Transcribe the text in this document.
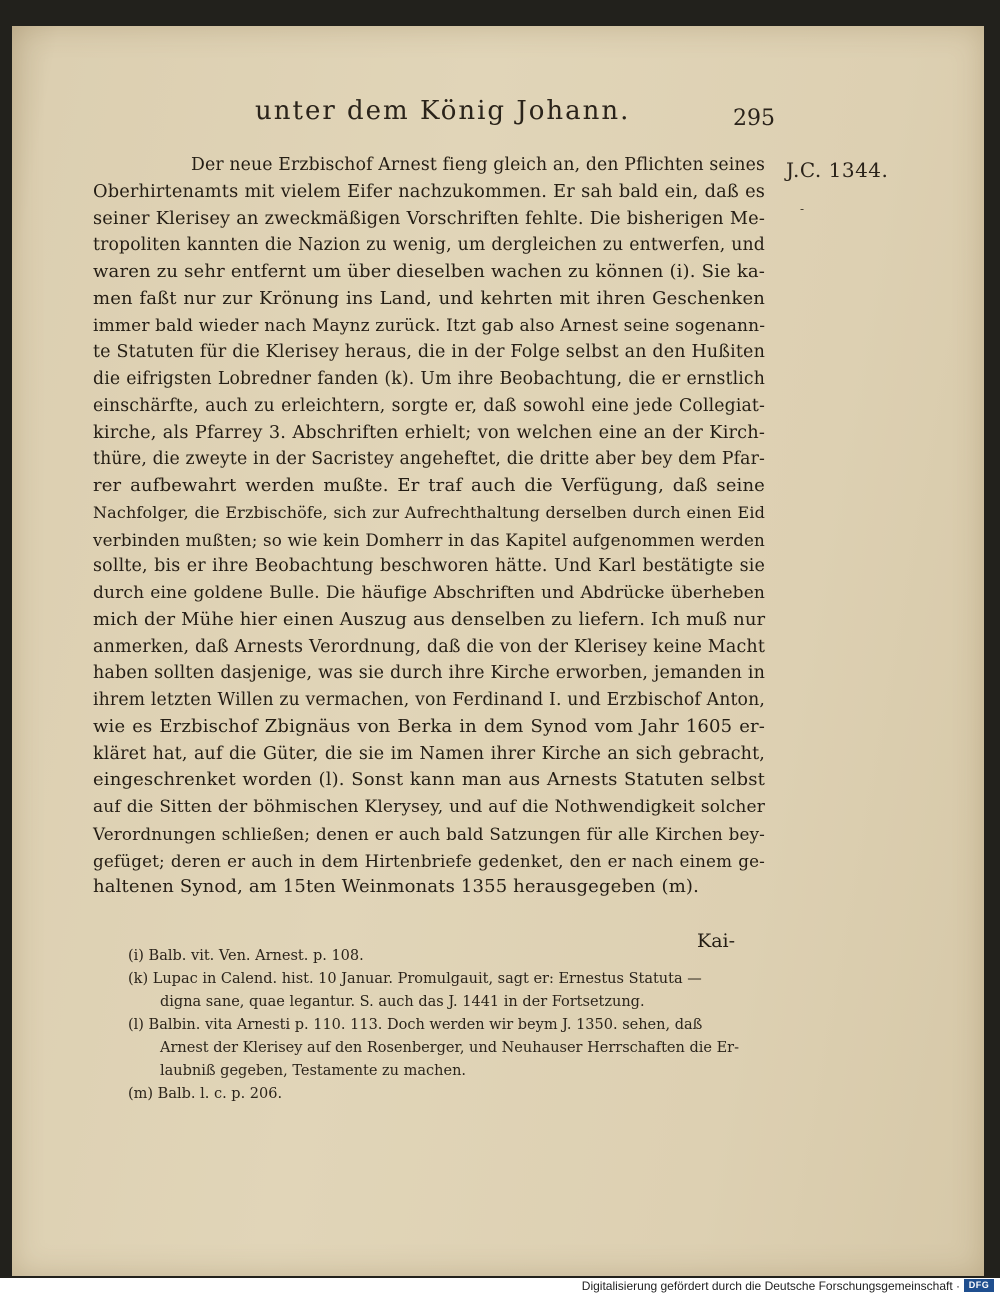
unter dem König Johann.	295
J.C. 1344.
-
Der neue Erzbischof Arnest fieng gleich an, den Pflichten seines
Oberhirtenamts mit vielem Eifer nachzukommen. Er sah bald ein, daß es
seiner Klerisey an zweckmäßigen Vorschriften fehlte. Die bisherigen Me-
tropoliten kannten die Nazion zu wenig, um dergleichen zu entwerfen, und
waren zu sehr entfernt um über dieselben wachen zu können (i). Sie ka-
men faßt nur zur Krönung ins Land, und kehrten mit ihren Geschenken
immer bald wieder nach Maynz zurück. Itzt gab also Arnest seine sogenann-
te Statuten für die Klerisey heraus, die in der Folge selbst an den Hußiten
die eifrigsten Lobredner fanden (k). Um ihre Beobachtung, die er ernstlich
einschärfte, auch zu erleichtern, sorgte er, daß sowohl eine jede Collegiat-
kirche, als Pfarrey 3. Abschriften erhielt; von welchen eine an der Kirch-
thüre, die zweyte in der Sacristey angeheftet, die dritte aber bey dem Pfar-
rer aufbewahrt werden mußte. Er traf auch die Verfügung, daß seine
Nachfolger, die Erzbischöfe, sich zur Aufrechthaltung derselben durch einen Eid
verbinden mußten; so wie kein Domherr in das Kapitel aufgenommen werden
sollte, bis er ihre Beobachtung beschworen hätte. Und Karl bestätigte sie
durch eine goldene Bulle. Die häufige Abschriften und Abdrücke überheben
mich der Mühe hier einen Auszug aus denselben zu liefern. Ich muß nur
anmerken, daß Arnests Verordnung, daß die von der Klerisey keine Macht
haben sollten dasjenige, was sie durch ihre Kirche erworben, jemanden in
ihrem letzten Willen zu vermachen, von Ferdinand I. und Erzbischof Anton,
wie es Erzbischof Zbignäus von Berka in dem Synod vom Jahr 1605 er-
kläret hat, auf die Güter, die sie im Namen ihrer Kirche an sich gebracht,
eingeschrenket worden (l). Sonst kann man aus Arnests Statuten selbst
auf die Sitten der böhmischen Klerysey, und auf die Nothwendigkeit solcher
Verordnungen schließen; denen er auch bald Satzungen für alle Kirchen bey-
gefüget; deren er auch in dem Hirtenbriefe gedenket, den er nach einem ge-
haltenen Synod, am 15ten Weinmonats 1355 herausgegeben (m).
Kai-
(i) Balb. vit. Ven. Arnest. p. 108.
(k) Lupac in Calend. hist. 10 Januar. Promulgauit, sagt er: Ernestus Statuta —
digna sane, quae legantur. S. auch das J. 1441 in der Fortsetzung.
(l) Balbin. vita Arnesti p. 110. 113. Doch werden wir beym J. 1350. sehen, daß
Arnest der Klerisey auf den Rosenberger, und Neuhauser Herrschaften die Er-
laubniß gegeben, Testamente zu machen.
(m) Balb. l. c. p. 206.
Digitalisierung gefördert durch die Deutsche Forschungsgemeinschaft · DFG
